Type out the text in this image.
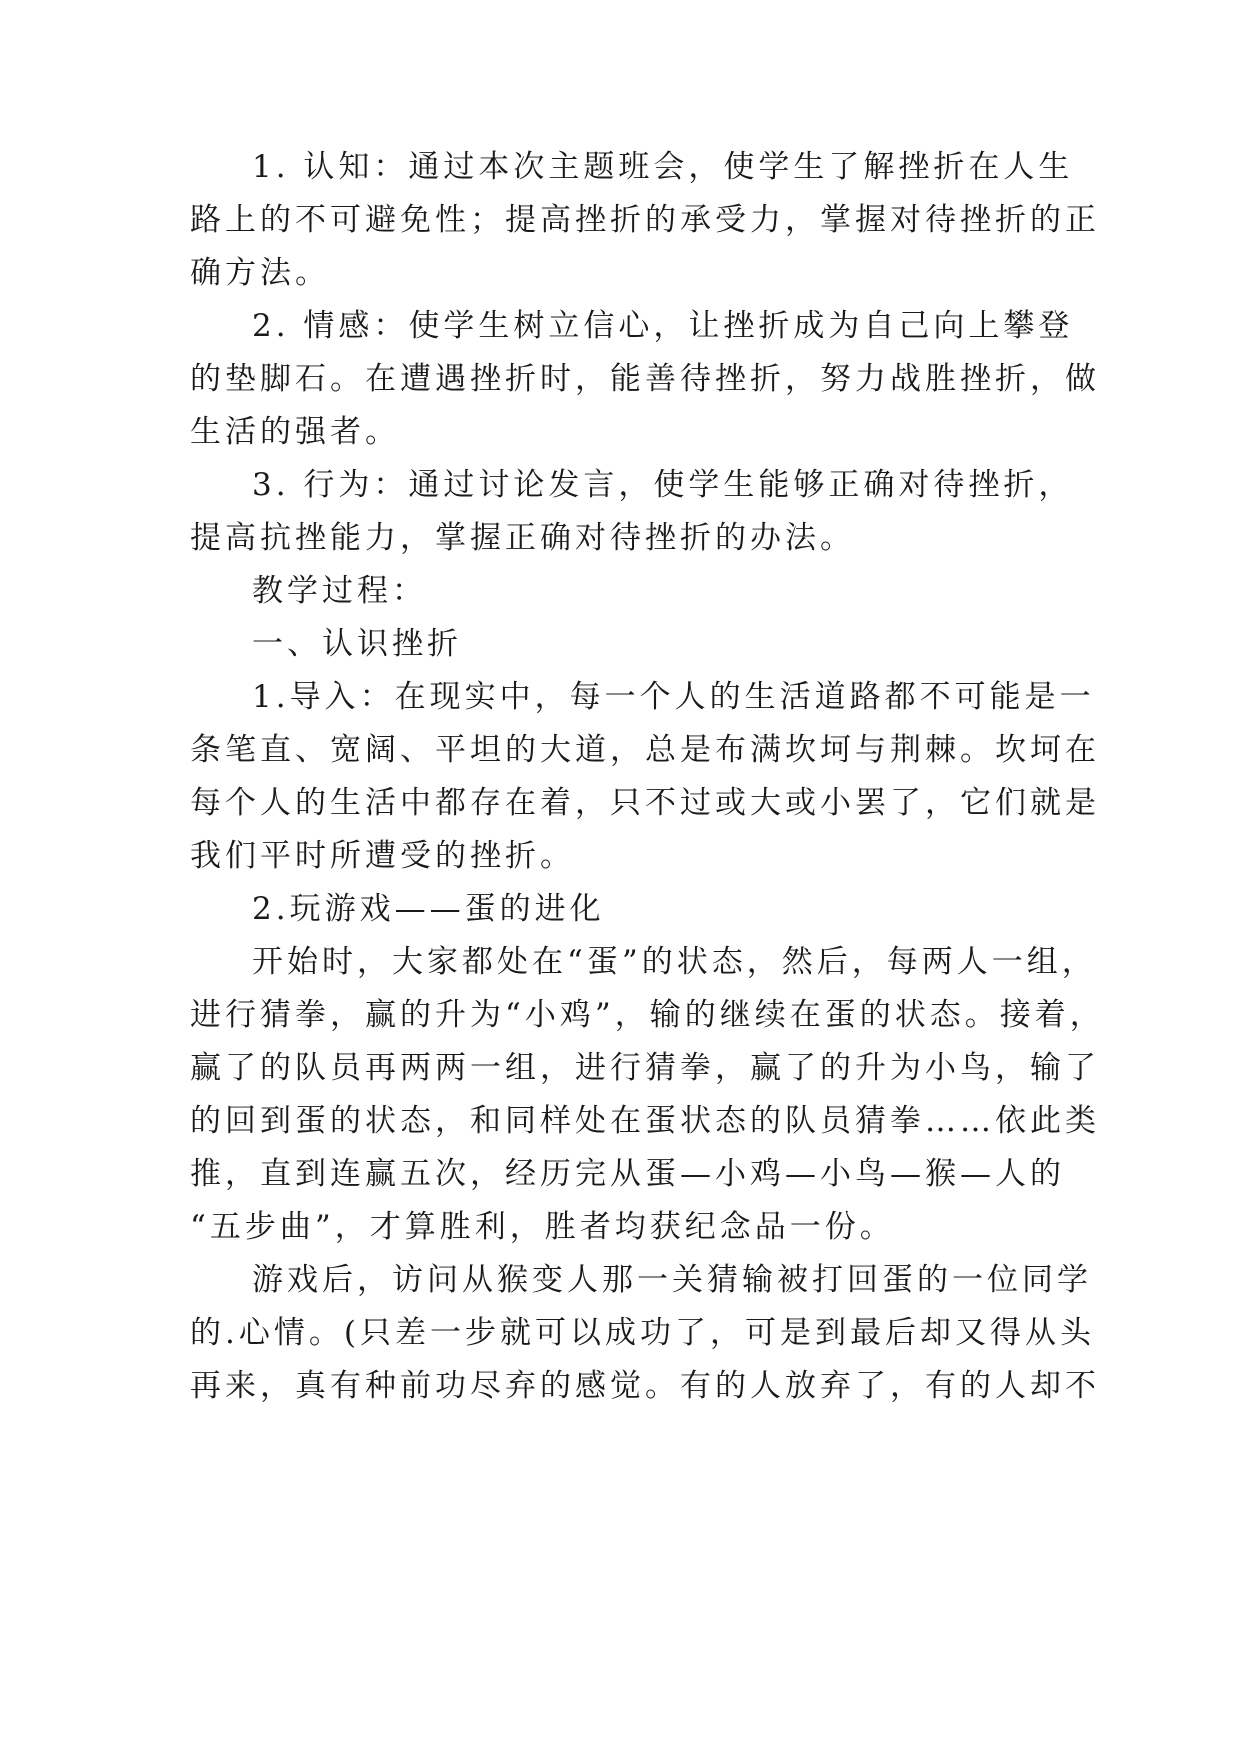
1. 认知：通过本次主题班会，使学生了解挫折在人生
路上的不可避免性；提高挫折的承受力，掌握对待挫折的正
确方法。
2. 情感：使学生树立信心，让挫折成为自己向上攀登
的垫脚石。在遭遇挫折时，能善待挫折，努力战胜挫折，做
生活的强者。
3. 行为：通过讨论发言，使学生能够正确对待挫折，
提高抗挫能力，掌握正确对待挫折的办法。
教学过程：
一、认识挫折
1.导入：在现实中，每一个人的生活道路都不可能是一
条笔直、宽阔、平坦的大道，总是布满坎坷与荆棘。坎坷在
每个人的生活中都存在着，只不过或大或小罢了，它们就是
我们平时所遭受的挫折。
2.玩游戏——蛋的进化
开始时，大家都处在“蛋”的状态，然后，每两人一组，
进行猜拳，赢的升为“小鸡”，输的继续在蛋的状态。接着，
赢了的队员再两两一组，进行猜拳，赢了的升为小鸟，输了
的回到蛋的状态，和同样处在蛋状态的队员猜拳……依此类
推，直到连赢五次，经历完从蛋—小鸡—小鸟—猴—人的
“五步曲”，才算胜利，胜者均获纪念品一份。
游戏后，访问从猴变人那一关猜输被打回蛋的一位同学
的.心情。(只差一步就可以成功了，可是到最后却又得从头
再来，真有种前功尽弃的感觉。有的人放弃了，有的人却不
